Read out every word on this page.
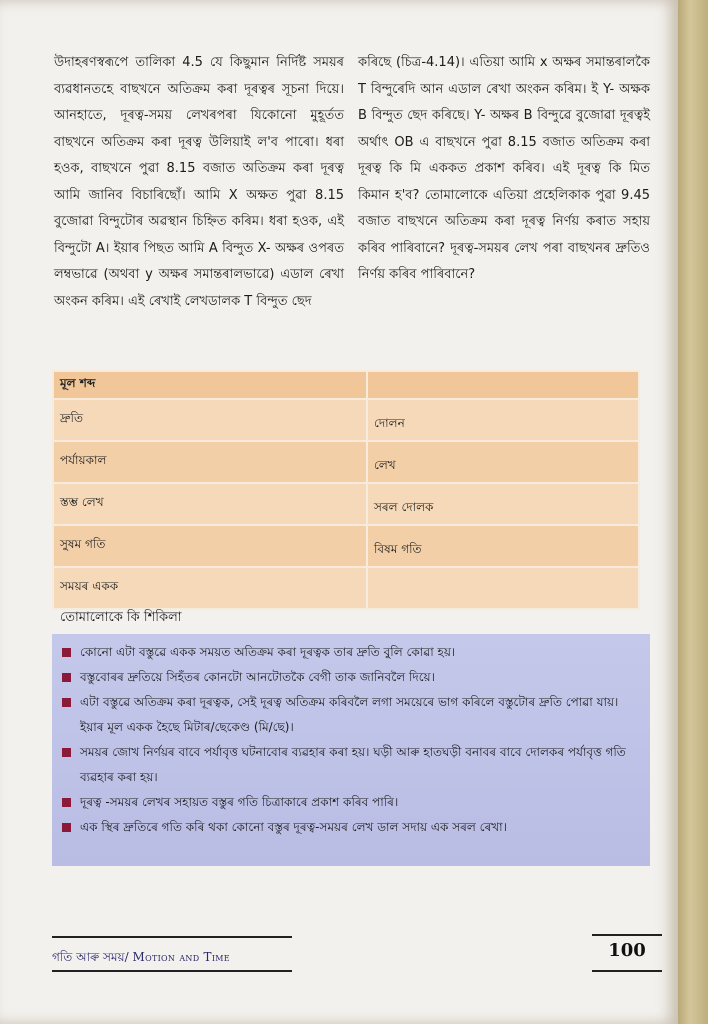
উদাহৰণস্বৰূপে তালিকা 4.5 যে কিছুমান নিৰ্দিষ্ট সময়ৰ ব্যৱধানতহে বাছখনে অতিক্ৰম কৰা দূৰত্বৰ সূচনা দিয়ে। আনহাতে, দূৰত্ব-সময় লেখৰপৰা যিকোনো মুহূৰ্তত বাছখনে অতিক্ৰম কৰা দূৰত্ব উলিয়াই ল'ব পাৰো। ধৰা হওক, বাছখনে পুৱা 8.15 বজাত অতিক্ৰম কৰা দূৰত্ব আমি জানিব বিচাৰিছোঁ। আমি X অক্ষত পুৱা 8.15 বুজোৱা বিন্দুটোৰ অৱস্থান চিহ্নিত কৰিম। ধৰা হওক, এই বিন্দুটো A। ইয়াৰ পিছত আমি A বিন্দুত X- অক্ষৰ ওপৰত লম্বভাৱে (অথবা y অক্ষৰ সমান্তৰালভাৱে) এডাল ৰেখা অংকন কৰিম। এই ৰেখাই লেখডালক T বিন্দুত ছেদ

কৰিছে (চিত্ৰ-4.14)। এতিয়া আমি x অক্ষৰ সমান্তৰালকৈ T বিন্দুৰেদি আন এডাল ৰেখা অংকন কৰিম। ই Y- অক্ষক B বিন্দুত ছেদ কৰিছে। Y- অক্ষৰ B বিন্দুৱে বুজোৱা দূৰত্বই অৰ্থাৎ OB এ বাছখনে পুৱা 8.15 বজাত অতিক্ৰম কৰা দূৰত্ব কি মি এককত প্ৰকাশ কৰিব। এই দূৰত্ব কি মিত কিমান হ'ব? তোমালোকে এতিয়া প্ৰহেলিকাক পুৱা 9.45 বজাত বাছখনে অতিক্ৰম কৰা দূৰত্ব নিৰ্ণয় কৰাত সহায় কৰিব পাৰিবানে? দূৰত্ব-সময়ৰ লেখ পৰা বাছখনৰ দ্ৰুতিও নিৰ্ণয় কৰিব পাৰিবানে?

মূল শব্দ	
দ্ৰুতি	দোলন
পৰ্যায়কাল	লেখ
স্তম্ভ লেখ	সৰল দোলক
সুষম গতি	বিষম গতি
সময়ৰ একক	
তোমালোকে কি শিকিলা
কোনো এটা বস্তুৱে একক সময়ত অতিক্ৰম কৰা দূৰত্বক তাৰ দ্ৰুতি বুলি কোৱা হয়।
বস্তুবোৰৰ দ্ৰুতিয়ে সিহঁতৰ কোনটো আনটোতকৈ বেগী তাক জানিবলৈ দিয়ে।
এটা বস্তুৱে অতিক্ৰম কৰা দূৰত্বক, সেই দূৰত্ব অতিক্ৰম কৰিবলৈ লগা সময়েৰে ভাগ কৰিলে বস্তুটোৰ দ্ৰুতি পোৱা যায়। ইয়াৰ মূল একক হৈছে মিটাৰ/ছেকেণ্ড (মি/ছে)।
সময়ৰ জোখ নিৰ্ণয়ৰ বাবে পৰ্যাবৃত্ত ঘটনাবোৰ ব্যৱহাৰ কৰা হয়। ঘড়ী আৰু হাতঘড়ী বনাবৰ বাবে দোলকৰ পৰ্যাবৃত্ত গতি ব্যৱহাৰ কৰা হয়।
দূৰত্ব -সময়ৰ লেখৰ সহায়ত বস্তুৰ গতি চিত্ৰাকাৰে প্ৰকাশ কৰিব পাৰি।
এক স্থিৰ দ্ৰুতিৰে গতি কৰি থকা কোনো বস্তুৰ দূৰত্ব-সময়ৰ লেখ ডাল সদায় এক সৰল ৰেখা।
গতি আৰু সময়/ Motion and Time	100
